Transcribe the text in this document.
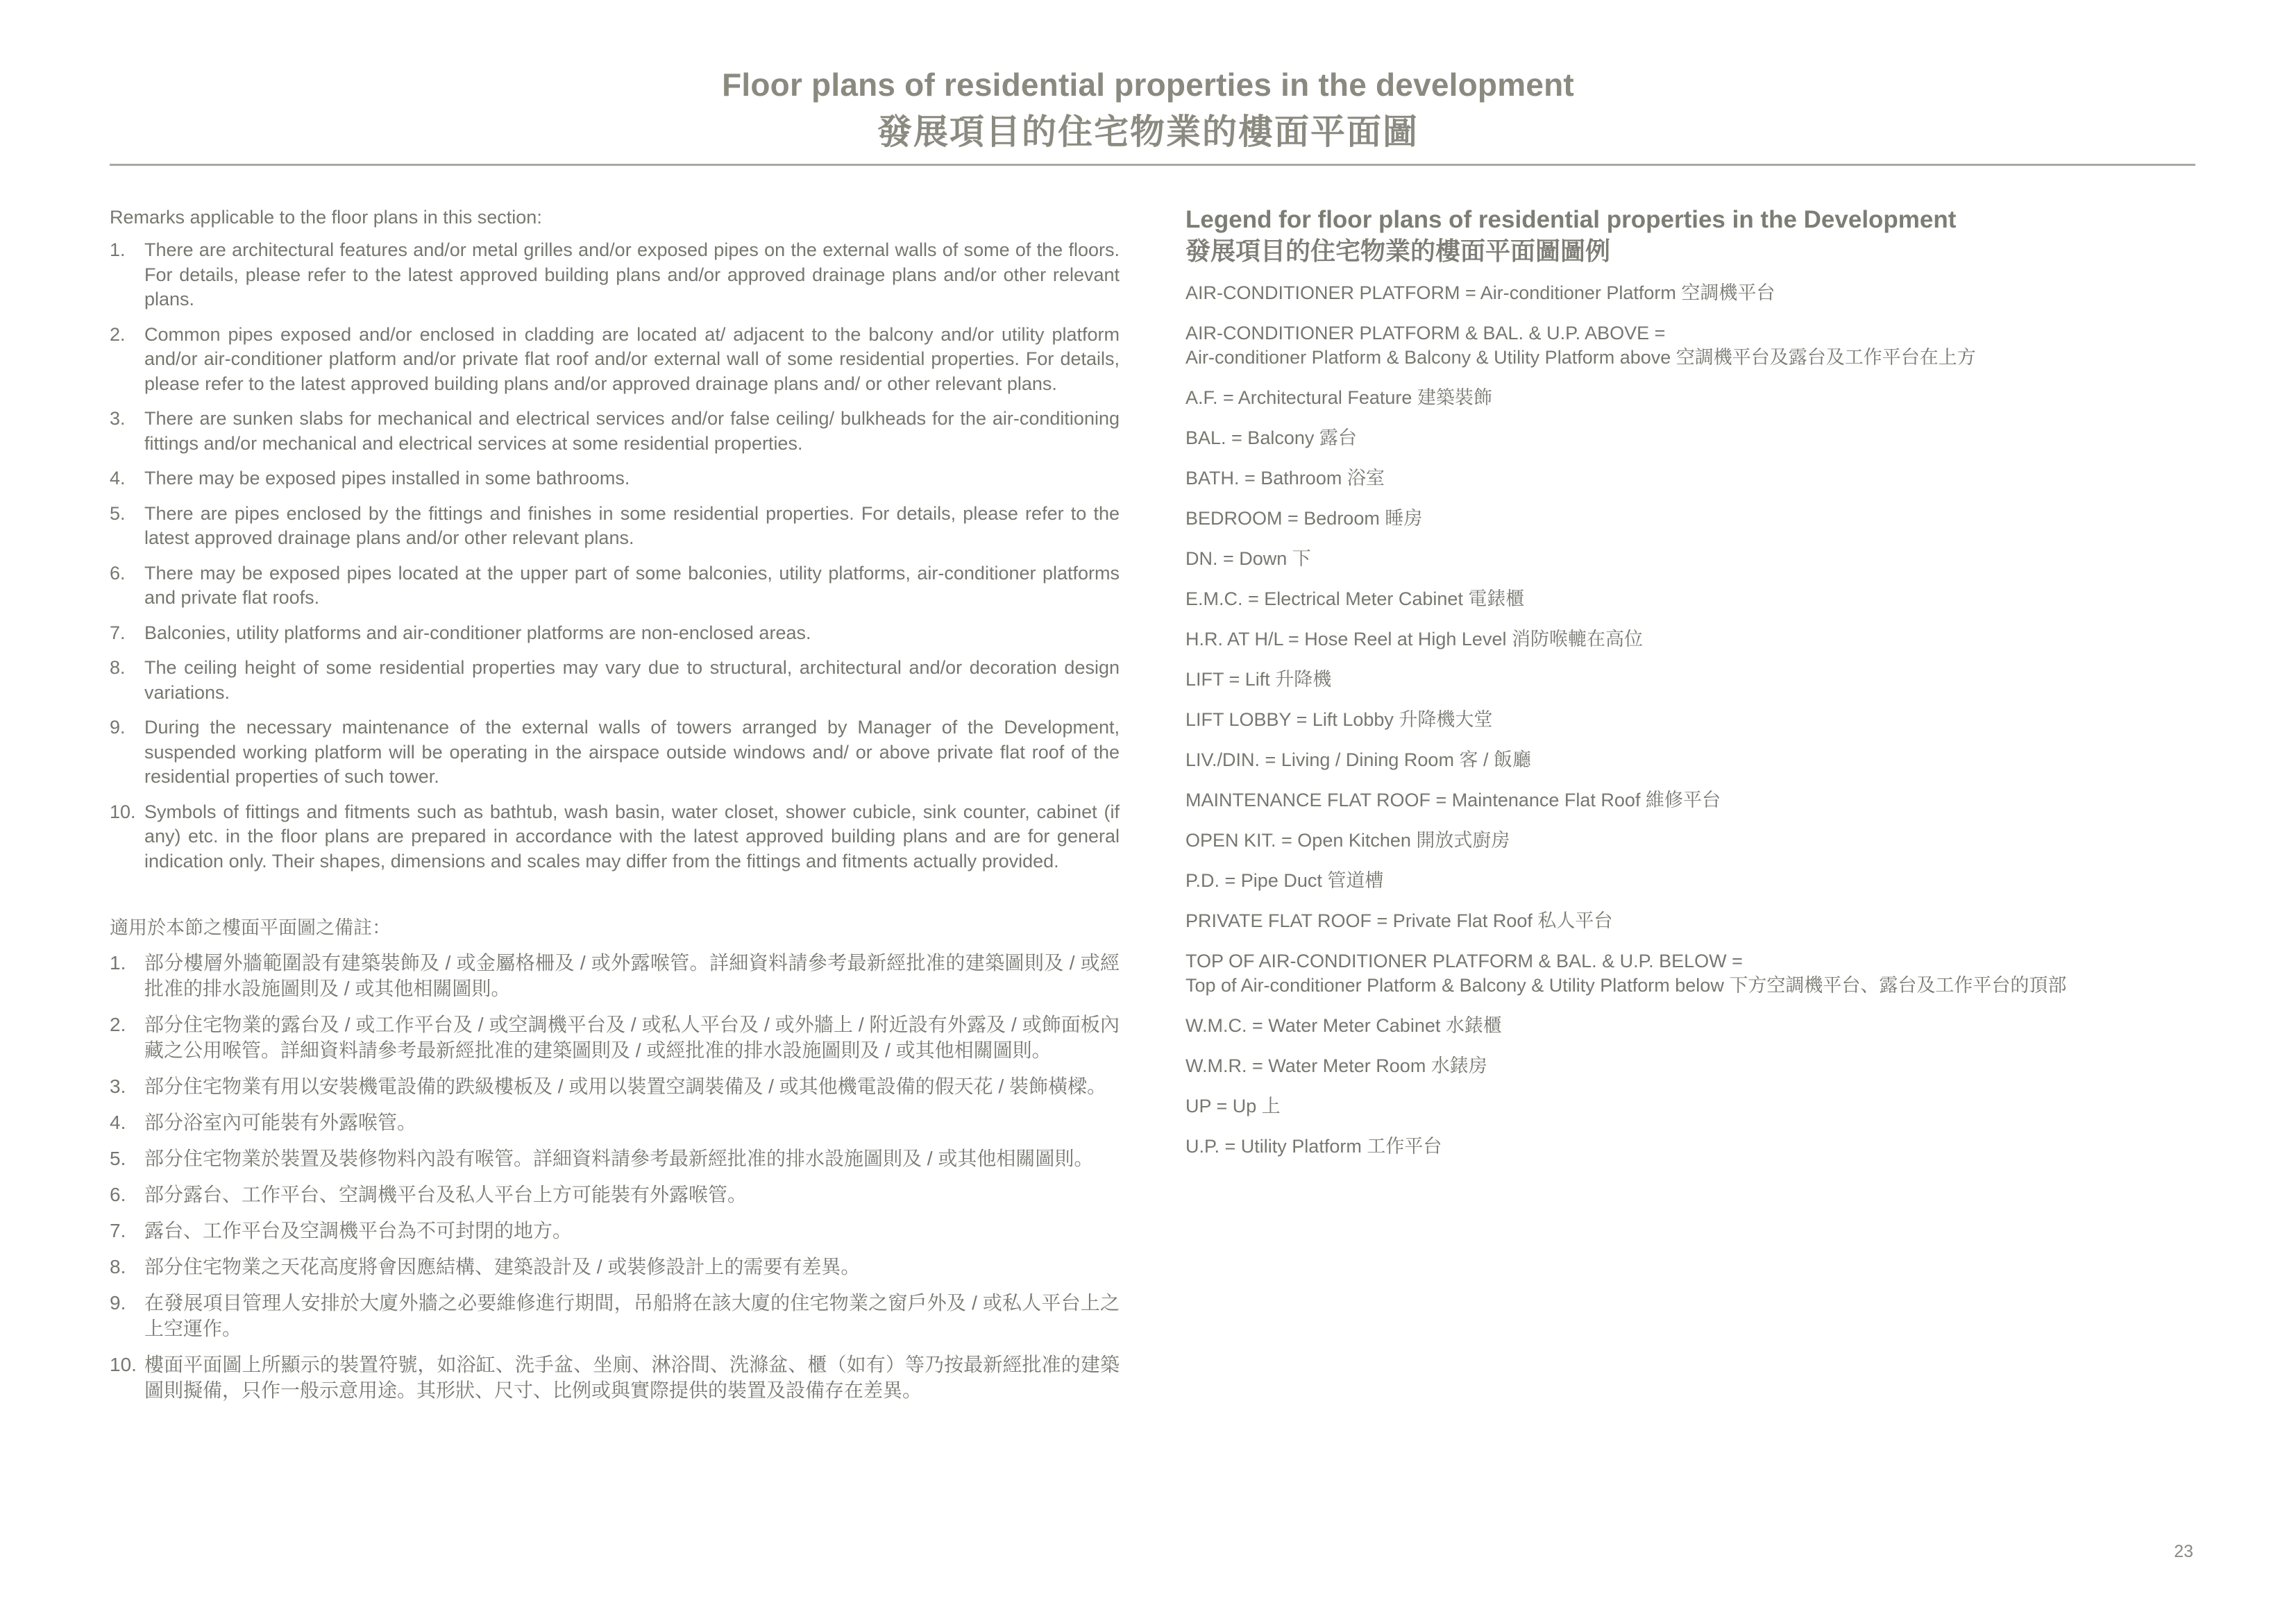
Floor plans of residential properties in the development
發展項目的住宅物業的樓面平面圖
Remarks applicable to the floor plans in this section:
1.	There are architectural features and/or metal grilles and/or exposed pipes on the external walls of some of the floors. For details, please refer to the latest approved building plans and/or approved drainage plans and/or other relevant plans.
2.	Common pipes exposed and/or enclosed in cladding are located at/ adjacent to the balcony and/or utility platform and/or air-conditioner platform and/or private flat roof and/or external wall of some residential properties. For details, please refer to the latest approved building plans and/or approved drainage plans and/ or other relevant plans.
3.	There are sunken slabs for mechanical and electrical services and/or false ceiling/ bulkheads for the air-conditioning fittings and/or mechanical and electrical services at some residential properties.
4.	There may be exposed pipes installed in some bathrooms.
5.	There are pipes enclosed by the fittings and finishes in some residential properties. For details, please refer to the latest approved drainage plans and/or other relevant plans.
6.	There may be exposed pipes located at the upper part of some balconies, utility platforms, air-conditioner platforms and private flat roofs.
7.	Balconies, utility platforms and air-conditioner platforms are non-enclosed areas.
8.	The ceiling height of some residential properties may vary due to structural, architectural and/or decoration design variations.
9.	During the necessary maintenance of the external walls of towers arranged by Manager of the Development, suspended working platform will be operating in the airspace outside windows and/ or above private flat roof of the residential properties of such tower.
10. Symbols of fittings and fitments such as bathtub, wash basin, water closet, shower cubicle, sink counter, cabinet (if any) etc. in the floor plans are prepared in accordance with the latest approved building plans and are for general indication only. Their shapes, dimensions and scales may differ from the fittings and fitments actually provided.
適用於本節之樓面平面圖之備註：
1. 部分樓層外牆範圍設有建築裝飾及 / 或金屬格柵及 / 或外露喉管。詳細資料請參考最新經批准的建築圖則及 / 或經批准的排水設施圖則及 / 或其他相關圖則。
2. 部分住宅物業的露台及 / 或工作平台及 / 或空調機平台及 / 或私人平台及 / 或外牆上 / 附近設有外露及 / 或飾面板內藏之公用喉管。詳細資料請參考最新經批准的建築圖則及 / 或經批准的排水設施圖則及 / 或其他相關圖則。
3. 部分住宅物業有用以安裝機電設備的跌級樓板及 / 或用以裝置空調裝備及 / 或其他機電設備的假天花 / 裝飾橫樑。
4. 部分浴室內可能裝有外露喉管。
5. 部分住宅物業於裝置及裝修物料內設有喉管。詳細資料請參考最新經批准的排水設施圖則及 / 或其他相關圖則。
6. 部分露台、工作平台、空調機平台及私人平台上方可能裝有外露喉管。
7. 露台、工作平台及空調機平台為不可封閉的地方。
8. 部分住宅物業之天花高度將會因應結構、建築設計及 / 或裝修設計上的需要有差異。
9. 在發展項目管理人安排於大廈外牆之必要維修進行期間，吊船將在該大廈的住宅物業之窗戶外及 / 或私人平台上之上空運作。
10. 樓面平面圖上所顯示的裝置符號，如浴缸、洗手盆、坐廁、淋浴間、洗滌盆、櫃（如有）等乃按最新經批准的建築圖則擬備，只作一般示意用途。其形狀、尺寸、比例或與實際提供的裝置及設備存在差異。
Legend for floor plans of residential properties in the Development
發展項目的住宅物業的樓面平面圖圖例
AIR-CONDITIONER PLATFORM = Air-conditioner Platform 空調機平台
AIR-CONDITIONER PLATFORM & BAL. & U.P. ABOVE =
Air-conditioner Platform & Balcony & Utility Platform above 空調機平台及露台及工作平台在上方
A.F. = Architectural Feature 建築裝飾
BAL. = Balcony 露台
BATH. = Bathroom 浴室
BEDROOM = Bedroom 睡房
DN. = Down 下
E.M.C. = Electrical Meter Cabinet 電錶櫃
H.R. AT H/L = Hose Reel at High Level 消防喉轆在高位
LIFT = Lift 升降機
LIFT LOBBY = Lift Lobby 升降機大堂
LIV./DIN. = Living / Dining Room 客 / 飯廳
MAINTENANCE FLAT ROOF = Maintenance Flat Roof 維修平台
OPEN KIT. = Open Kitchen 開放式廚房
P.D. = Pipe Duct 管道槽
PRIVATE FLAT ROOF = Private Flat Roof 私人平台
TOP OF AIR-CONDITIONER PLATFORM & BAL. & U.P. BELOW =
Top of Air-conditioner Platform & Balcony & Utility Platform below 下方空調機平台、露台及工作平台的頂部
W.M.C. = Water Meter Cabinet 水錶櫃
W.M.R. = Water Meter Room 水錶房
UP = Up 上
U.P. = Utility Platform 工作平台
23
